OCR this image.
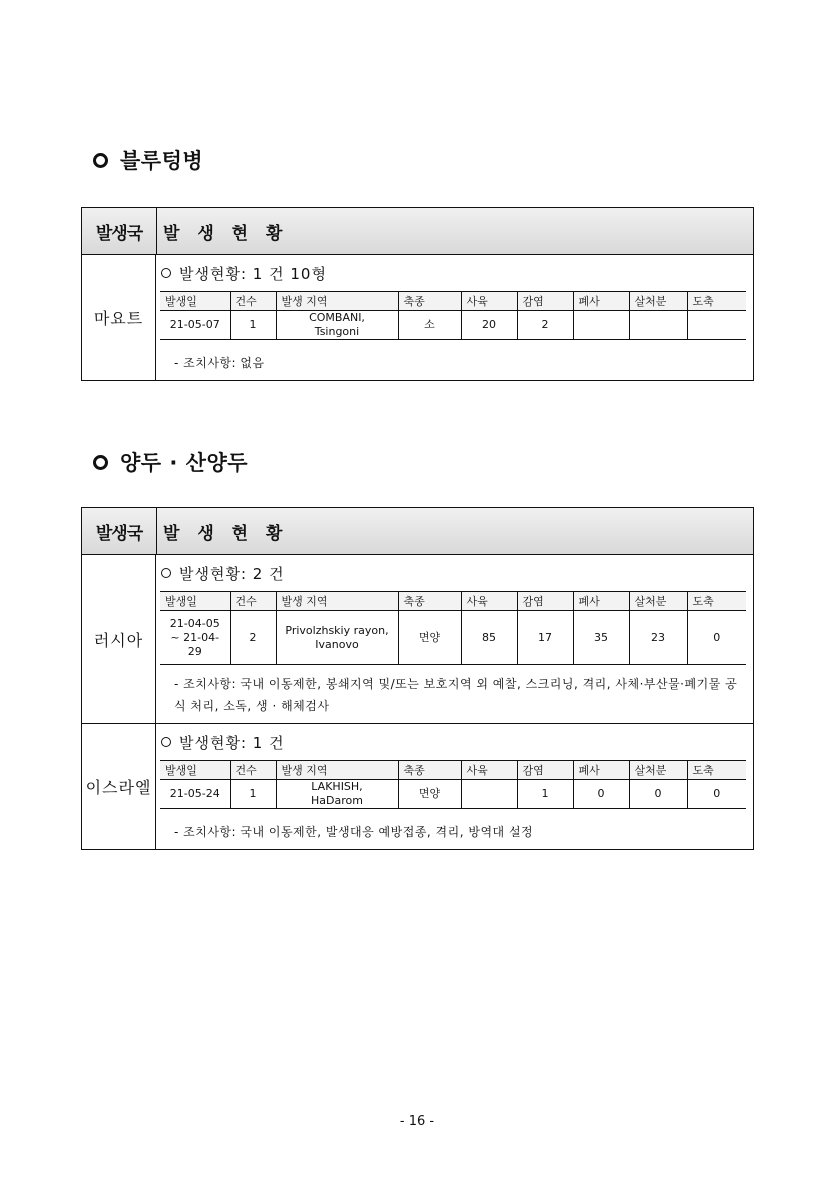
블루텅병
발생국	발 생 현 황
마요트
발생현황: 1 건 10형
발생일	건수	발생 지역	축종	사육	감염	폐사	살처분	도축
21-05-07	1	COMBANI, Tsingoni	소	20	2			
- 조치사항: 없음
양두 · 산양두
발생국	발 생 현 황
러시아
발생현황: 2 건
발생일	건수	발생 지역	축종	사육	감염	폐사	살처분	도축
21-04-05 ~ 21-04-29	2	Privolzhskiy rayon, Ivanovo	면양	85	17	35	23	0
- 조치사항: 국내 이동제한, 봉쇄지역 및/또는 보호지역 외 예찰, 스크리닝, 격리, 사체·부산물·폐기물 공식 처리, 소독, 생 · 해체검사
이스라엘
발생현황: 1 건
발생일	건수	발생 지역	축종	사육	감염	폐사	살처분	도축
21-05-24	1	LAKHISH, HaDarom	면양		1	0	0	0
- 조치사항: 국내 이동제한, 발생대응 예방접종, 격리, 방역대 설정
- 16 -
